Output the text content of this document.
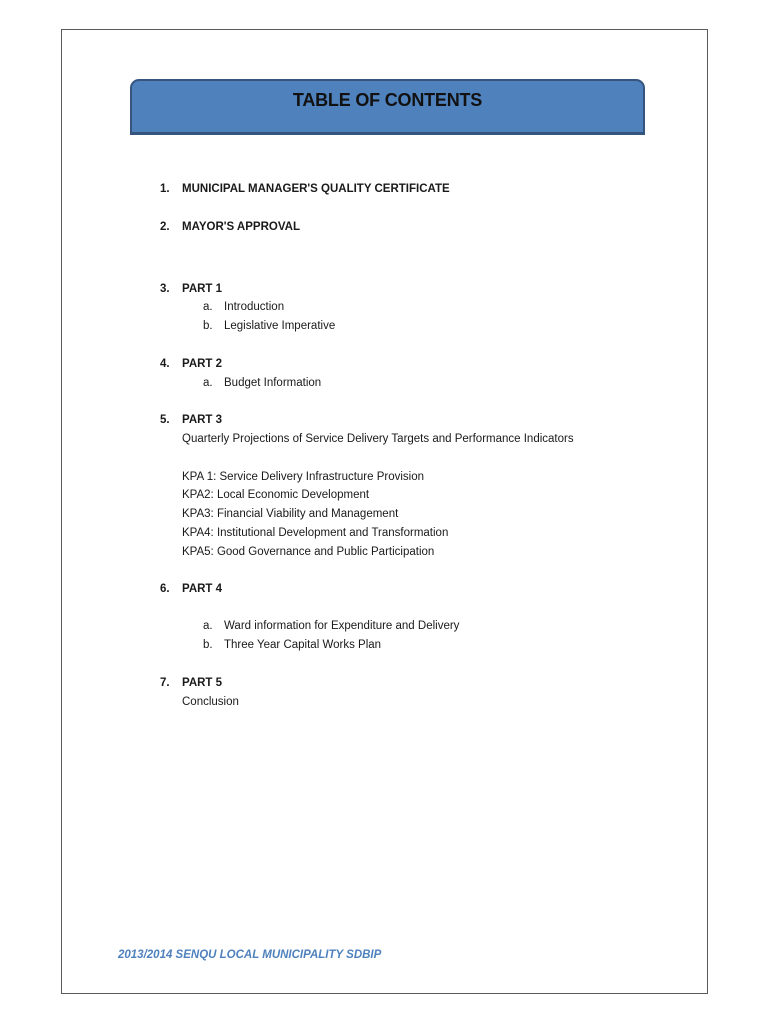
TABLE OF CONTENTS
1. MUNICIPAL MANAGER'S QUALITY CERTIFICATE
2. MAYOR'S APPROVAL
3. PART 1
a. Introduction
b. Legislative Imperative
4. PART 2
a. Budget Information
5. PART 3
Quarterly Projections of Service Delivery Targets and Performance Indicators
KPA 1: Service Delivery Infrastructure Provision
KPA2: Local Economic Development
KPA3: Financial Viability and Management
KPA4: Institutional Development and Transformation
KPA5: Good Governance and Public Participation
6. PART 4
a. Ward information for Expenditure and Delivery
b. Three Year Capital Works Plan
7. PART 5
Conclusion
2013/2014 SENQU LOCAL MUNICIPALITY SDBIP
